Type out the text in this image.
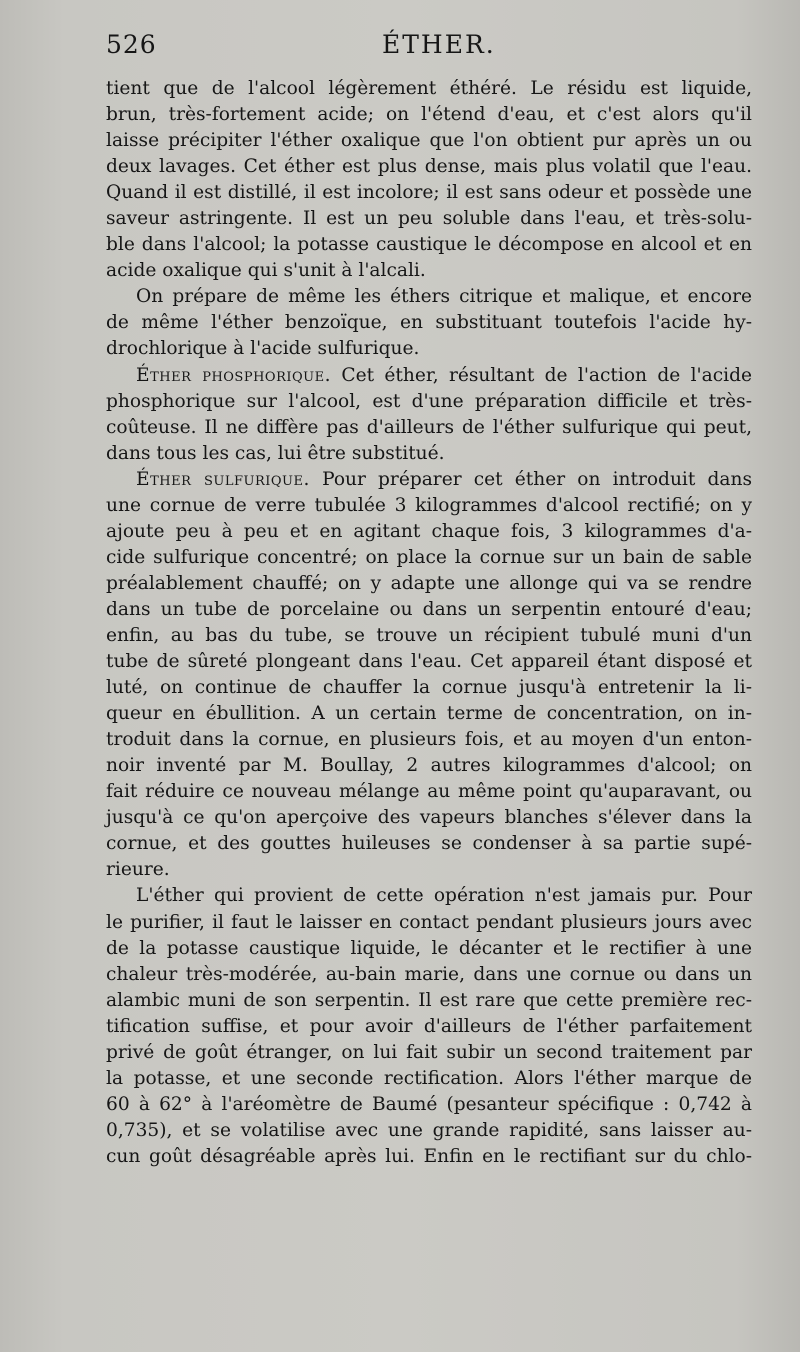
526	ÉTHER.
tient que de l'alcool légèrement éthéré. Le résidu est liquide,
brun, très-fortement acide; on l'étend d'eau, et c'est alors qu'il
laisse précipiter l'éther oxalique que l'on obtient pur après un ou
deux lavages. Cet éther est plus dense, mais plus volatil que l'eau.
Quand il est distillé, il est incolore; il est sans odeur et possède une
saveur astringente. Il est un peu soluble dans l'eau, et très-solu-
ble dans l'alcool; la potasse caustique le décompose en alcool et en
acide oxalique qui s'unit à l'alcali.
On prépare de même les éthers citrique et malique, et encore
de même l'éther benzoïque, en substituant toutefois l'acide hy-
drochlorique à l'acide sulfurique.
Éther phosphorique. Cet éther, résultant de l'action de l'acide
phosphorique sur l'alcool, est d'une préparation difficile et très-
coûteuse. Il ne diffère pas d'ailleurs de l'éther sulfurique qui peut,
dans tous les cas, lui être substitué.
Éther sulfurique. Pour préparer cet éther on introduit dans
une cornue de verre tubulée 3 kilogrammes d'alcool rectifié; on y
ajoute peu à peu et en agitant chaque fois, 3 kilogrammes d'a-
cide sulfurique concentré; on place la cornue sur un bain de sable
préalablement chauffé; on y adapte une allonge qui va se rendre
dans un tube de porcelaine ou dans un serpentin entouré d'eau;
enfin, au bas du tube, se trouve un récipient tubulé muni d'un
tube de sûreté plongeant dans l'eau. Cet appareil étant disposé et
luté, on continue de chauffer la cornue jusqu'à entretenir la li-
queur en ébullition. A un certain terme de concentration, on in-
troduit dans la cornue, en plusieurs fois, et au moyen d'un enton-
noir inventé par M. Boullay, 2 autres kilogrammes d'alcool; on
fait réduire ce nouveau mélange au même point qu'auparavant, ou
jusqu'à ce qu'on aperçoive des vapeurs blanches s'élever dans la
cornue, et des gouttes huileuses se condenser à sa partie supé-
rieure.
L'éther qui provient de cette opération n'est jamais pur. Pour
le purifier, il faut le laisser en contact pendant plusieurs jours avec
de la potasse caustique liquide, le décanter et le rectifier à une
chaleur très-modérée, au-bain marie, dans une cornue ou dans un
alambic muni de son serpentin. Il est rare que cette première rec-
tification suffise, et pour avoir d'ailleurs de l'éther parfaitement
privé de goût étranger, on lui fait subir un second traitement par
la potasse, et une seconde rectification. Alors l'éther marque de
60 à 62° à l'aréomètre de Baumé (pesanteur spécifique : 0,742 à
0,735), et se volatilise avec une grande rapidité, sans laisser au-
cun goût désagréable après lui. Enfin en le rectifiant sur du chlo-
